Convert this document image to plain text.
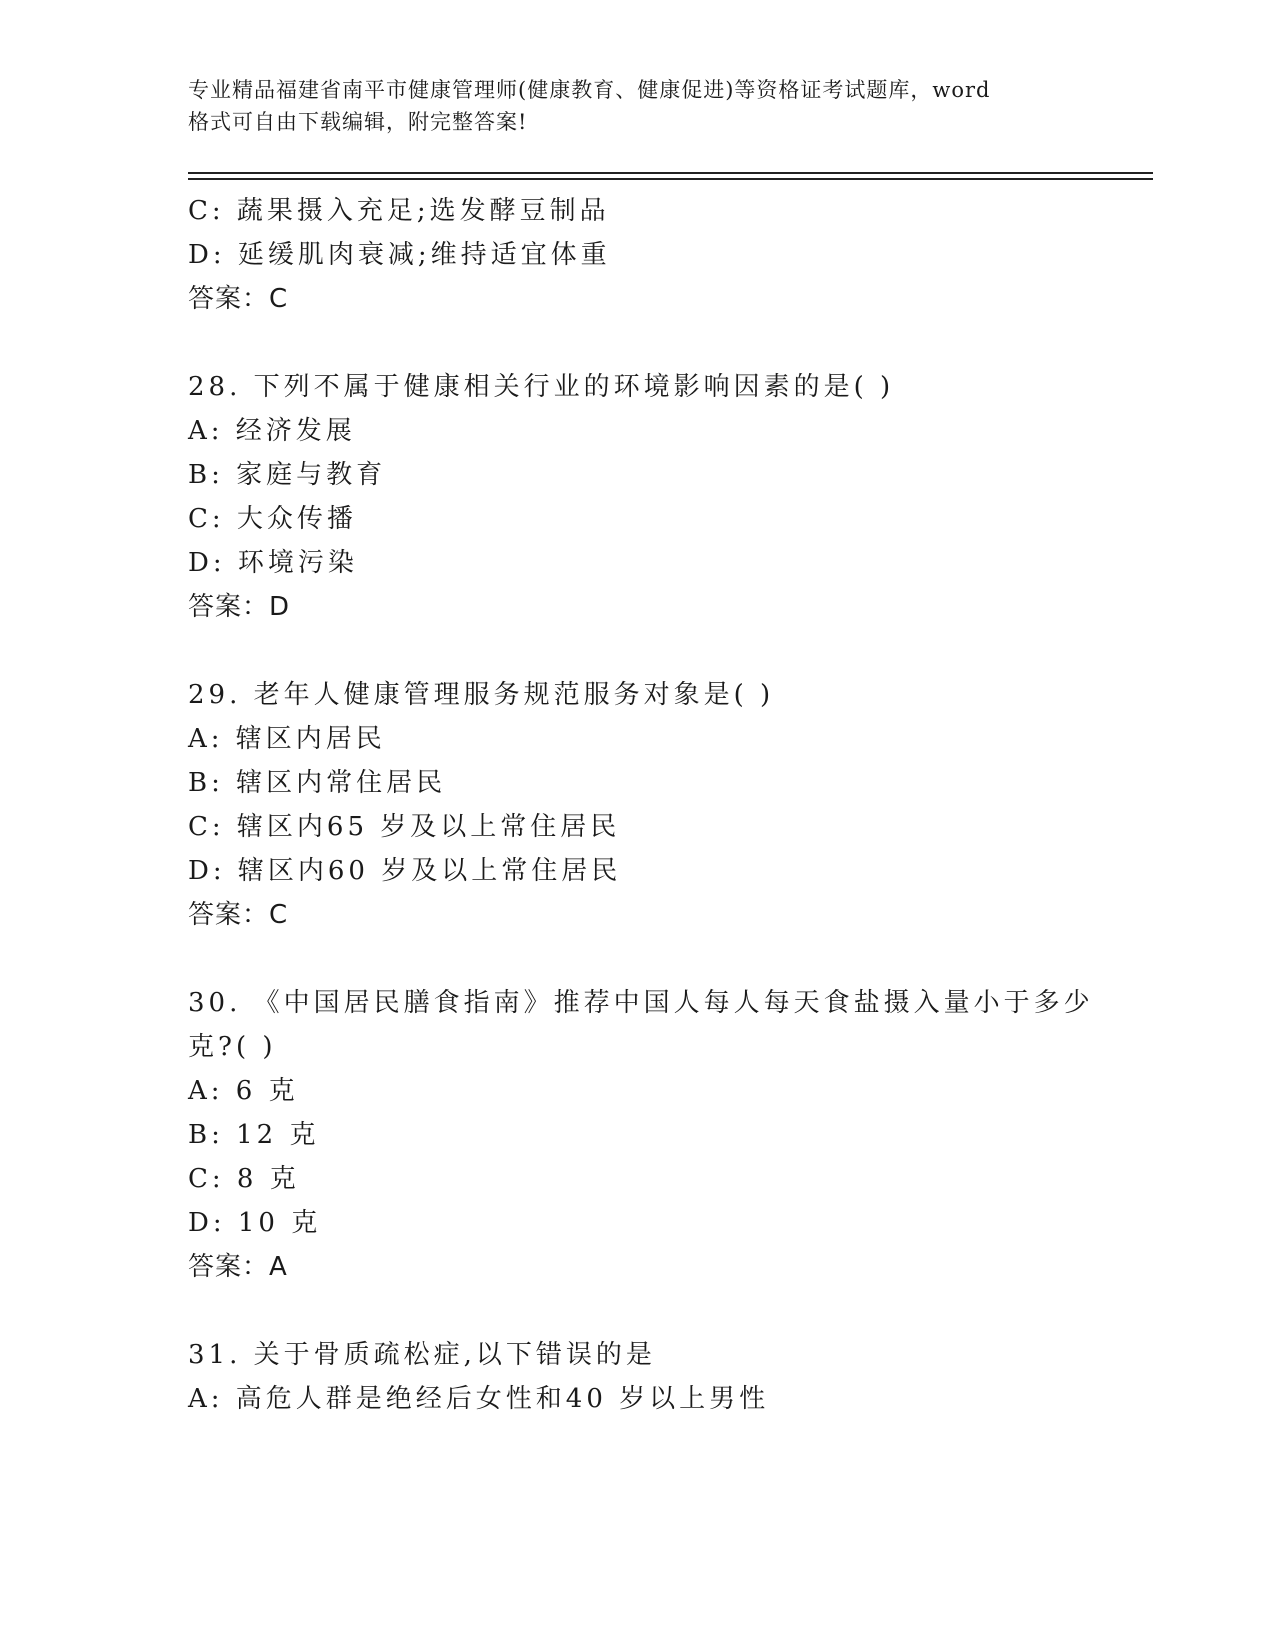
专业精品福建省南平市健康管理师(健康教育、健康促进)等资格证考试题库，word
格式可自由下载编辑，附完整答案!
C: 蔬果摄入充足;选发酵豆制品
D: 延缓肌肉衰减;维持适宜体重
答案：C
28. 下列不属于健康相关行业的环境影响因素的是( )
A: 经济发展
B: 家庭与教育
C: 大众传播
D: 环境污染
答案：D
29. 老年人健康管理服务规范服务对象是( )
A: 辖区内居民
B: 辖区内常住居民
C: 辖区内65 岁及以上常住居民
D: 辖区内60 岁及以上常住居民
答案：C
30. 《中国居民膳食指南》推荐中国人每人每天食盐摄入量小于多少
克?( )
A: 6 克
B: 12 克
C: 8 克
D: 10 克
答案：A
31. 关于骨质疏松症,以下错误的是
A: 高危人群是绝经后女性和40 岁以上男性
